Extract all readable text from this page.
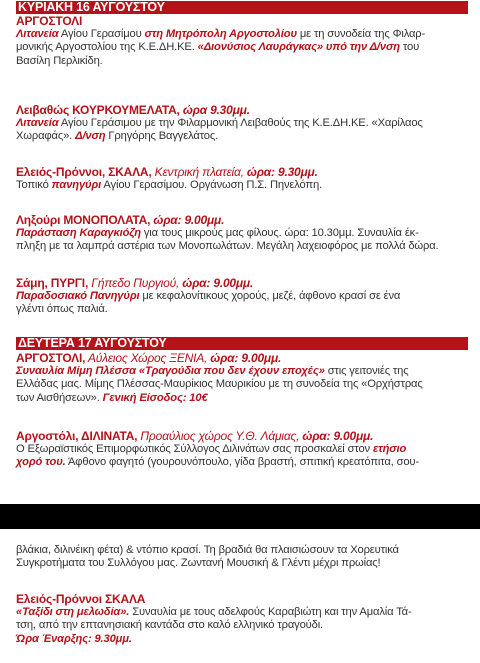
ΚΥΡΙΑΚΗ 16 ΑΥΓΟΥΣΤΟΥ
ΑΡΓΟΣΤΟΛΙ
Λιτανεία Αγίου Γερασίμου στη Μητρόπολη Αργοστολίου με τη συνοδεία της Φιλαρ-
μονικής Αργοστολίου της Κ.Ε.ΔΗ.ΚΕ. «Διονύσιος Λαυράγκας» υπό την Δ/νση του
Βασίλη Περλικίδη.
Λειβαθώς ΚΟΥΡΚΟΥΜΕΛΑΤΑ, ώρα 9.30μμ.
Λιτανεία Αγίου Γεράσιμου με την Φιλαρμονική Λειβαθούς της Κ.Ε.ΔΗ.ΚΕ. «Χαρίλαος
Χωραφάς». Δ/νση Γρηγόρης Βαγγελάτος.
Ελειός-Πρόννοι, ΣΚΑΛΑ, Κεντρική πλατεία, ώρα: 9.30μμ.
Τοπικό πανηγύρι Αγίου Γερασίμου. Οργάνωση Π.Σ. Πηνελόπη.
Ληξούρι ΜΟΝΟΠΟΛΑΤΑ, ώρα: 9.00μμ.
Παράσταση Καραγκιόζη για τους μικρούς μας φίλους. ώρα: 10.30μμ. Συναυλία έκ-
πληξη με τα λαμπρά αστέρια των Μονοπωλάτων. Μεγάλη λαχειοφόρος με πολλά δώρα.
Σάμη, ΠΥΡΓΙ, Γήπεδο Πυργιού, ώρα: 9.00μμ.
Παραδοσιακό Πανηγύρι με κεφαλονίτικους χορούς, μεζέ, άφθονο κρασί σε ένα
γλέντι όπως παλιά.
ΔΕΥΤΕΡΑ 17 ΑΥΓΟΥΣΤΟΥ
ΑΡΓΟΣΤΟΛΙ, Αύλειος Χώρος ΞΕΝΙΑ, ώρα: 9.00μμ.
Συναυλία Μίμη Πλέσσα «Τραγούδια που δεν έχουν εποχές» στις γειτονιές της
Ελλάδας μας. Μίμης Πλέσσας-Μαυρίκιος Μαυρικίου με τη συνοδεία της «Ορχήστρας
των Αισθήσεων». Γενική Είσοδος: 10€
Αργοστόλι, ΔΙΛΙΝΑΤΑ, Προαύλιος χώρος Υ.Θ. Λάμιας, ώρα: 9.00μμ.
Ο Εξωραϊστικός Επιμορφωτικός Σύλλογος Διλινάτων σας προσκαλεί στον ετήσιο
χορό του. Άφθονο φαγητό (γουρουνόπουλο, γίδα βραστή, σπιτική κρεατόπιτα, σου-
βλάκια, διλινέικη φέτα) & ντόπιο κρασί. Τη βραδιά θα πλαισιώσουν τα Χορευτικά
Συγκροτήματα του Συλλόγου μας. Ζωντανή Μουσική & Γλέντι μέχρι πρωίας!
Ελειός-Πρόννοι ΣΚΑΛΑ
«Ταξίδι στη μελωδία». Συναυλία με τους αδελφούς Καραβιώτη και την Αμαλία Τά-
τση, από την επτανησιακή καντάδα στο καλό ελληνικό τραγούδι.
Ώρα Έναρξης: 9.30μμ.
